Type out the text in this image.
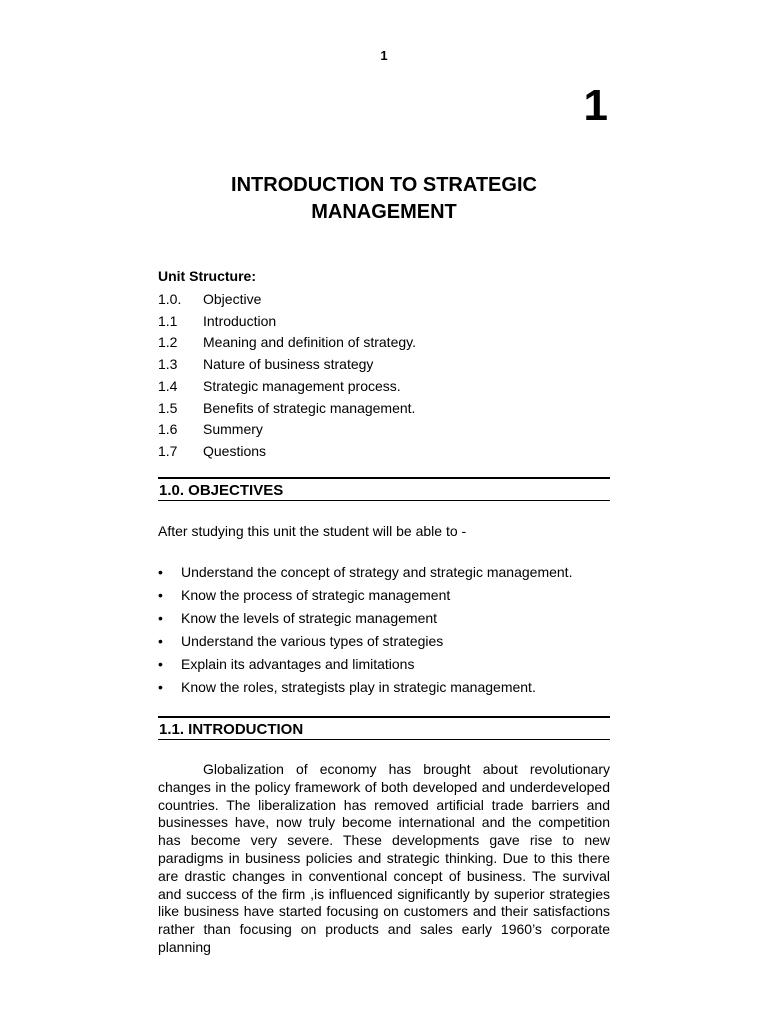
1
1
INTRODUCTION TO STRATEGIC
MANAGEMENT
Unit Structure:
1.0.	Objective
1.1	Introduction
1.2	Meaning and definition of strategy.
1.3	Nature of business strategy
1.4	Strategic management process.
1.5	Benefits of strategic management.
1.6	Summery
1.7	Questions
1.0. OBJECTIVES
After studying this unit the student will be able to -
•	Understand the concept of strategy and strategic management.
•	Know the process of strategic management
•	Know the levels of strategic management
•	Understand the various types of strategies
•	Explain its advantages and limitations
•	Know the roles, strategists play in strategic management.
1.1. INTRODUCTION

Globalization of economy has brought about revolutionary changes in the policy framework of both developed and underdeveloped countries. The liberalization has removed artificial trade barriers and businesses have, now truly become international and the competition has become very severe. These developments gave rise to new paradigms in business policies and strategic thinking. Due to this there are drastic changes in conventional concept of business. The survival and success of the firm ,is influenced significantly by superior strategies like business have started focusing on customers and their satisfactions rather than focusing on products and sales early 1960’s corporate planning
